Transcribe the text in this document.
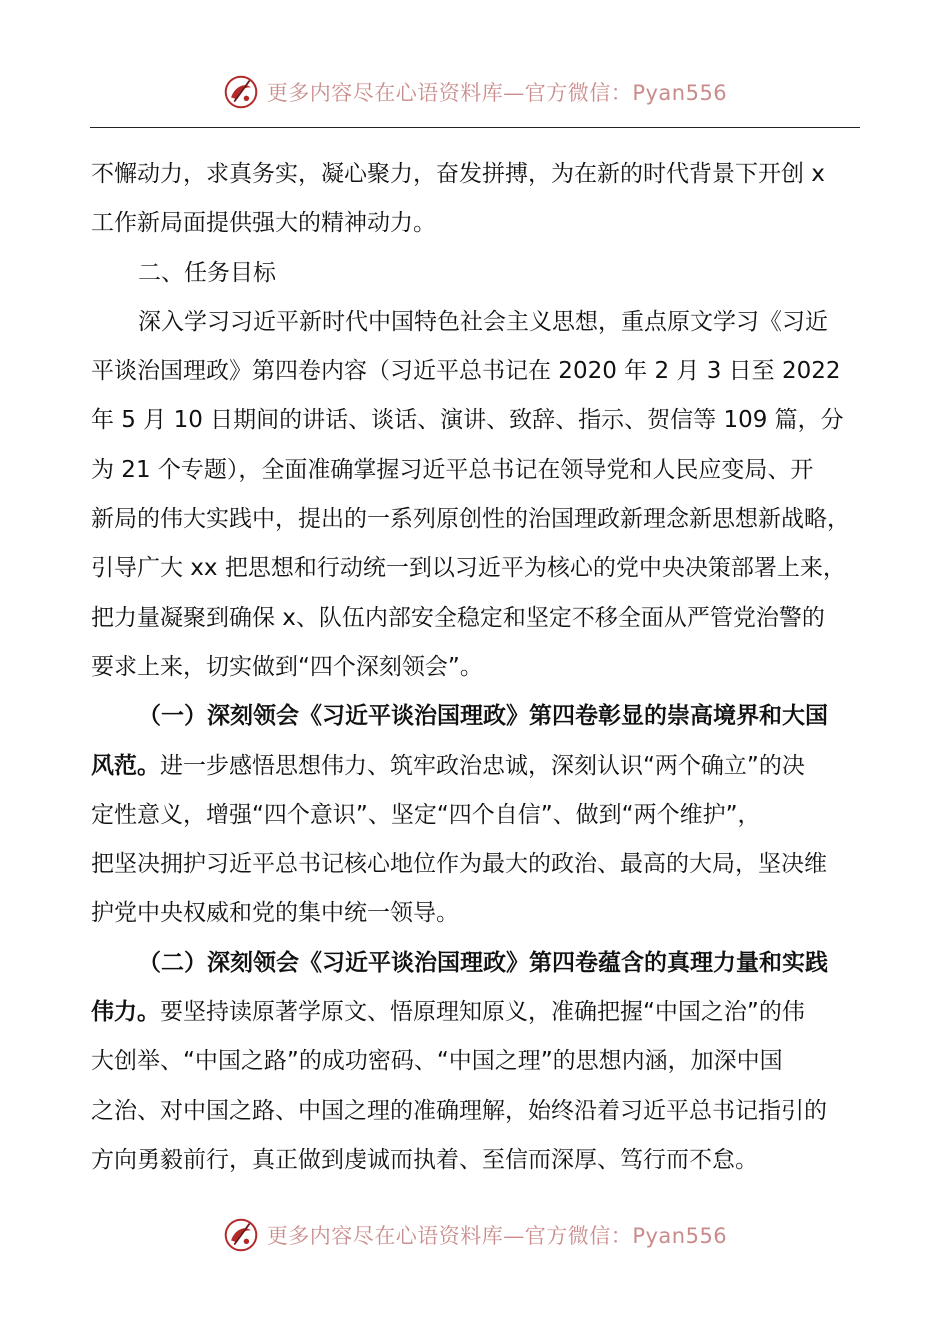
更多内容尽在心语资料库—官方微信：Pyan556
不懈动力，求真务实，凝心聚力，奋发拼搏，为在新的时代背景下开创 x
工作新局面提供强大的精神动力。
二、任务目标
深入学习习近平新时代中国特色社会主义思想，重点原文学习《习近
平谈治国理政》第四卷内容（习近平总书记在 2020 年 2 月 3 日至 2022
年 5 月 10 日期间的讲话、谈话、演讲、致辞、指示、贺信等 109 篇，分
为 21 个专题），全面准确掌握习近平总书记在领导党和人民应变局、开
新局的伟大实践中，提出的一系列原创性的治国理政新理念新思想新战略，
引导广大 xx 把思想和行动统一到以习近平为核心的党中央决策部署上来，
把力量凝聚到确保 x、队伍内部安全稳定和坚定不移全面从严管党治警的
要求上来，切实做到“四个深刻领会”。
（一）深刻领会《习近平谈治国理政》第四卷彰显的崇高境界和大国
风范。进一步感悟思想伟力、筑牢政治忠诚，深刻认识“两个确立”的决
定性意义，增强“四个意识”、坚定“四个自信”、做到“两个维护”，
把坚决拥护习近平总书记核心地位作为最大的政治、最高的大局，坚决维
护党中央权威和党的集中统一领导。
（二）深刻领会《习近平谈治国理政》第四卷蕴含的真理力量和实践
伟力。要坚持读原著学原文、悟原理知原义，准确把握“中国之治”的伟
大创举、“中国之路”的成功密码、“中国之理”的思想内涵，加深中国
之治、对中国之路、中国之理的准确理解，始终沿着习近平总书记指引的
方向勇毅前行，真正做到虔诚而执着、至信而深厚、笃行而不怠。
更多内容尽在心语资料库—官方微信：Pyan556
